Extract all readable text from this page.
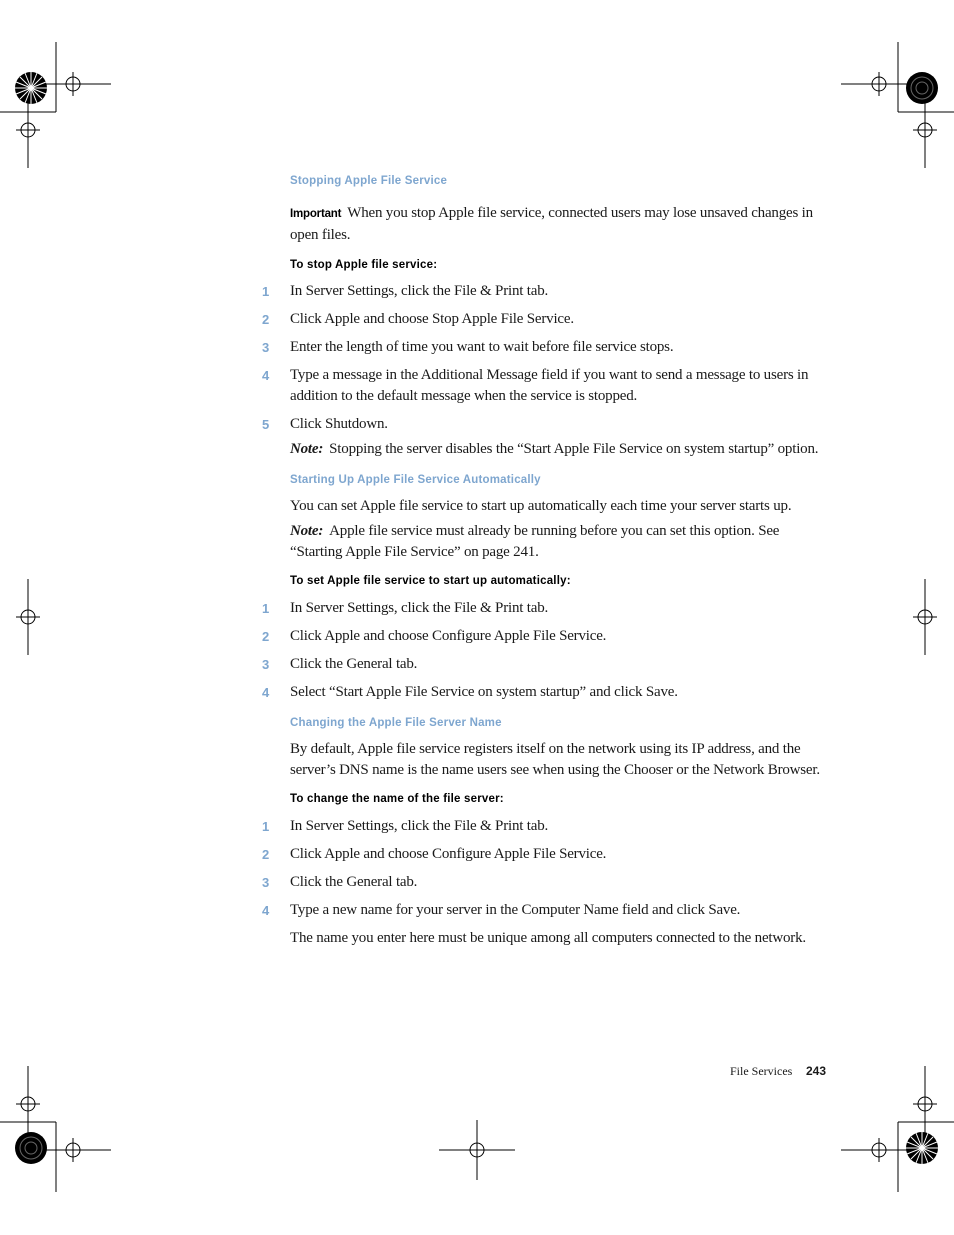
Stopping Apple File Service
Important When you stop Apple file service, connected users may lose unsaved changes in open files.
To stop Apple file service:
1	In Server Settings, click the File & Print tab.
2	Click Apple and choose Stop Apple File Service.
3	Enter the length of time you want to wait before file service stops.
4	Type a message in the Additional Message field if you want to send a message to users in addition to the default message when the service is stopped.
5	Click Shutdown.
Note: Stopping the server disables the “Start Apple File Service on system startup” option.
Starting Up Apple File Service Automatically
You can set Apple file service to start up automatically each time your server starts up.
Note: Apple file service must already be running before you can set this option. See “Starting Apple File Service” on page 241.
To set Apple file service to start up automatically:
1	In Server Settings, click the File & Print tab.
2	Click Apple and choose Configure Apple File Service.
3	Click the General tab.
4	Select “Start Apple File Service on system startup” and click Save.
Changing the Apple File Server Name
By default, Apple file service registers itself on the network using its IP address, and the server’s DNS name is the name users see when using the Chooser or the Network Browser.
To change the name of the file server:
1	In Server Settings, click the File & Print tab.
2	Click Apple and choose Configure Apple File Service.
3	Click the General tab.
4	Type a new name for your server in the Computer Name field and click Save.
The name you enter here must be unique among all computers connected to the network.
File Services 243
